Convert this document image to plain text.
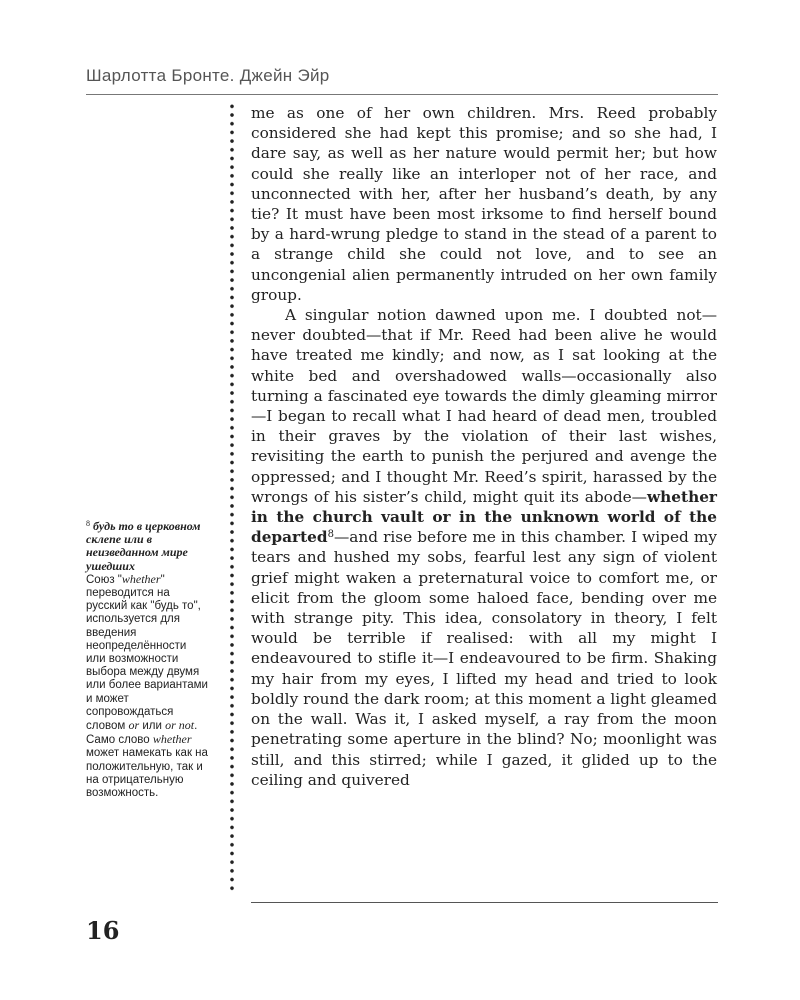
Шарлотта Бронте. Джейн Эйр

me as one of her own children. Mrs. Reed probably considered she had kept this promise; and so she had, I dare say, as well as her nature would permit her; but how could she really like an interloper not of her race, and unconnected with her, after her husband’s death, by any tie? It must have been most irksome to find herself bound by a hard-wrung pledge to stand in the stead of a parent to a strange child she could not love, and to see an uncongenial alien permanently intruded on her own family group.

A singular notion dawned upon me. I doubted not—never doubted—that if Mr. Reed had been alive he would have treated me kindly; and now, as I sat looking at the white bed and overshadowed walls—occasionally also turning a fascinated eye towards the dimly gleaming mirror—I began to recall what I had heard of dead men, troubled in their graves by the violation of their last wishes, revisiting the earth to punish the perjured and avenge the oppressed; and I thought Mr. Reed’s spirit, harassed by the wrongs of his sister’s child, might quit its abode—whether in the church vault or in the unknown world of the departed$^8$—and rise before me in this chamber. I wiped my tears and hushed my sobs, fearful lest any sign of violent grief might waken a preternatural voice to comfort me, or elicit from the gloom some haloed face, bending over me with strange pity. This idea, consolatory in theory, I felt would be terrible if realised: with all my might I endeavoured to stifle it—I endeavoured to be firm. Shaking my hair from my eyes, I lifted my head and tried to look boldly round the dark room; at this moment a light gleamed on the wall. Was it, I asked myself, a ray from the moon penetrating some aperture in the blind? No; moonlight was still, and this stirred; while I gazed, it glided up to the ceiling and quivered

$^8$ будь то в церковном склепе или в неизведанном мире ушедших
Союз "whether" переводится на русский как "будь то", используется для введения неопределённости или возможности выбора между двумя или более вариантами и может сопровождаться словом or или or not. Само слово whether может намекать как на положительную, так и на отрицательную возможность.
16
